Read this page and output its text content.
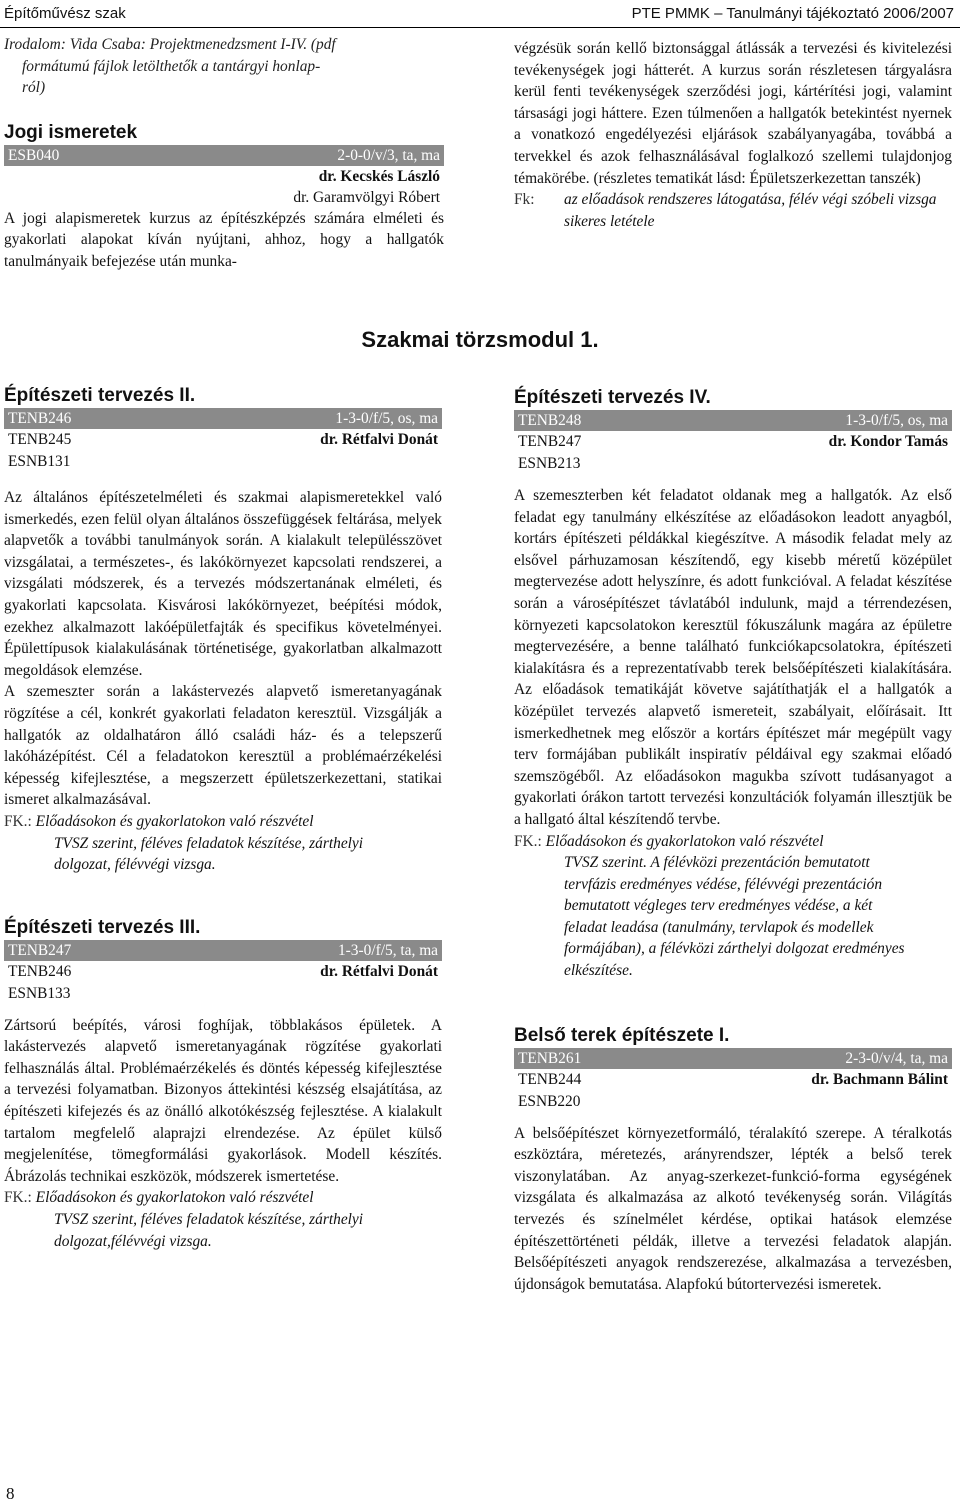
Építőművész szak	PTE PMMK – Tanulmányi tájékoztató 2006/2007
Irodalom: Vida Csaba: Projektmenedzsment I-IV. (pdf
formátumú fájlok letölthetők a tantárgyi honlap-
ról)
Jogi ismeretek
ESB040	2-0-0/v/3, ta, ma
dr. Kecskés László
dr. Garamvölgyi Róbert

A jogi alapismeretek kurzus az építészképzés számára elméleti és gyakorlati alapokat kíván nyújtani, ahhoz, hogy a hallgatók tanulmányaik befejezése után munka-

végzésük során kellő biztonsággal átlássák a tervezési és kivitelezési tevékenységek jogi hátterét. A kurzus során részletesen tárgyalásra kerül fenti tevékenységek szerződési jogi, kártérítési jogi, valamint társasági jogi háttere. Ezen túlmenően a hallgatók betekintést nyernek a vonatkozó engedélyezési eljárások szabályanyagába, továbbá a tervekkel és azok felhasználásával foglalkozó szellemi tulajdonjog témakörébe. (részletes tematikát lásd: Épületszerkezettan tanszék)

Fk:	az előadások rendszeres látogatása, félév végi szóbeli vizsga sikeres letétele
Szakmai törzsmodul 1.
Építészeti tervezés II.
TENB246	1-3-0/f/5, os, ma
TENB245	dr. Rétfalvi Donát
ESNB131

Az általános építészetelméleti és szakmai alapismeretekkel való ismerkedés, ezen felül olyan általános összefüggések feltárása, melyek alapvetők a további tanulmányok során. A kialakult településszövet vizsgálatai, a természetes-, és lakókörnyezet kapcsolati rendszerei, a vizsgálati módszerek, és a tervezés módszertanának elméleti, és gyakorlati kapcsolata. Kisvárosi lakókörnyezet, beépítési módok, ezekhez alkalmazott lakóépületfajták és specifikus követelményei. Épülettípusok kialakulásának történetisége, gyakorlatban alkalmazott megoldások elemzése.

A szemeszter során a lakástervezés alapvető ismeretanyagának rögzítése a cél, konkrét gyakorlati feladaton keresztül. Vizsgálják a hallgatók az oldalhatáron álló családi ház- és a telepszerű lakóházépítést. Cél a feladatokon keresztül a problémaérzékelési képesség kifejlesztése, a megszerzett épületszerkezettani, statikai ismeret alkalmazásával.

FK.: Előadásokon és gyakorlatokon való részvétel
TVSZ szerint, féléves feladatok készítése, zárthelyi dolgozat, félévvégi vizsga.
Építészeti tervezés III.
TENB247	1-3-0/f/5, ta, ma
TENB246	dr. Rétfalvi Donát
ESNB133

Zártsorú beépítés, városi foghíjak, többlakásos épületek. A lakástervezés alapvető ismeretanyagának rögzítése gyakorlati felhasználás által. Problémaérzékelés és döntés képesség kifejlesztése a tervezési folyamatban. Bizonyos áttekintési készség elsajátítása, az építészeti kifejezés és az önálló alkotókészség fejlesztése. A kialakult tartalom megfelelő alaprajzi elrendezése. Az épület külső megjelenítése, tömegformálási gyakorlások. Modell készítés. Ábrázolás technikai eszközök, módszerek ismertetése.

FK.: Előadásokon és gyakorlatokon való részvétel
TVSZ szerint, féléves feladatok készítése, zárthelyi dolgozat,félévvégi vizsga.
Építészeti tervezés IV.
TENB248	1-3-0/f/5, os, ma
TENB247	dr. Kondor Tamás
ESNB213

A szemeszterben két feladatot oldanak meg a hallgatók. Az első feladat egy tanulmány elkészítése az előadásokon leadott anyagból, kortárs építészeti példákkal kiegészítve. A második feladat mely az elsővel párhuzamosan készítendő, egy kisebb méretű középület megtervezése adott helyszínre, és adott funkcióval. A feladat készítése során a városépítészet távlatából indulunk, majd a térrendezésen, környezeti kapcsolatokon keresztül fókuszálunk magára az épületre megtervezésére, a benne található funkciókapcsolatokra, építészeti kialakításra és a reprezentatívabb terek belsőépítészeti kialakítására. Az előadások tematikáját követve sajátíthatják el a hallgatók a középület tervezés alapvető ismereteit, szabályait, előírásait. Itt ismerkedhetnek meg először a kortárs építészet már megépült vagy terv formájában publikált inspiratív példáival egy szakmai előadó szemszögéből. Az előadásokon magukba szívott tudásanyagot a gyakorlati órákon tartott tervezési konzultációk folyamán illesztjük be a hallgató által készítendő tervbe.

FK.: Előadásokon és gyakorlatokon való részvétel
TVSZ szerint. A félévközi prezentáción bemutatott tervfázis eredményes védése, félévvégi prezentáción bemutatott végleges terv eredményes védése, a két feladat leadása (tanulmány, tervlapok és modellek formájában), a félévközi zárthelyi dolgozat eredményes elkészítése.
Belső terek építészete I.
TENB261	2-3-0/v/4, ta, ma
TENB244	dr. Bachmann Bálint
ESNB220

A belsőépítészet környezetformáló, téralakító szerepe. A téralkotás eszköztára, méretezés, arányrendszer, lépték a belső terek viszonylatában. Az anyag-szerkezet-funkció-forma egységének vizsgálata és alkalmazása az alkotó tevékenység során. Világítás tervezés és színelmélet kérdése, optikai hatások elemzése építészettörténeti példák, illetve a tervezési feladatok alapján. Belsőépítészeti anyagok rendszerezése, alkalmazása a tervezésben, újdonságok bemutatása. Alapfokú bútortervezési ismeretek.

8
